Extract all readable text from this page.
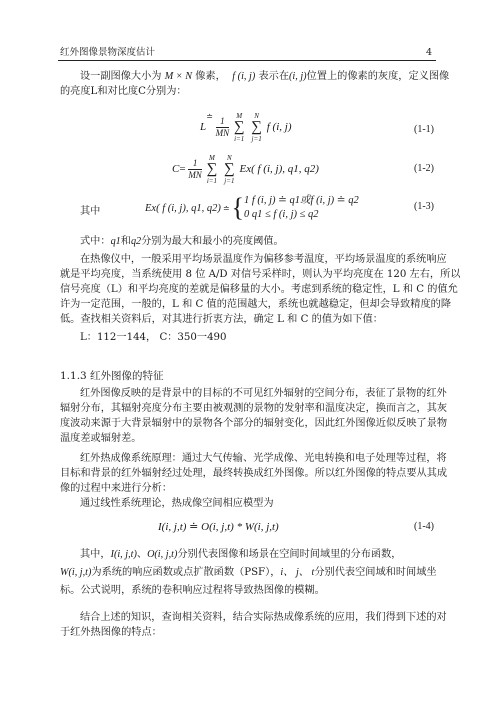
红外图像景物深度估计	4
设一副图像大小为 M × N 像素， f (i, j) 表示在(i, j)位置上的像素的灰度，定义图像
的亮度L和对比度C分别为：
$L^≐ \frac{1}{MN}$ M
∑
i=1 N
∑
j=1 f (i, j)	(1-1)
$C= \frac{1}{MN}$ M
∑
i=1 N
∑
j=1 Ex( f (i, j), q1, q2)	(1-2)
其中	Ex( f (i, j), q1, q2) ≐{ 1 f (i, j) ≐ q1或f (i, j) ≐ q2
0 q1 ≤ f (i, j) ≤ q2
(1-3)
式中：q1和q2分别为最大和最小的亮度阈值。
在热像仪中，一般采用平均场景温度作为偏移参考温度，平均场景温度的系统响应
就是平均亮度，当系统使用 8 位 A/D 对信号采样时，则认为平均亮度在 120 左右，所以
信号亮度（L）和平均亮度的差就是偏移量的大小。考虑到系统的稳定性，L 和 C 的值允
许为一定范围，一般的，L 和 C 值的范围越大，系统也就越稳定，但却会导致精度的降
低。查找相关资料后，对其进行折衷方法，确定 L 和 C 的值为如下值：
L：112一144， C：350一490
1.1.3 红外图像的特征
红外图像反映的是背景中的目标的不可见红外辐射的空间分布，表征了景物的红外
辐射分布，其辐射亮度分布主要由被观测的景物的发射率和温度决定，换而言之，其灰
度波动来源于大背景辐射中的景物各个部分的辐射变化，因此红外图像近似反映了景物
温度差或辐射差。
红外热成像系统原理：通过大气传输、光学成像、光电转换和电子处理等过程，将
目标和背景的红外辐射经过处理，最终转换成红外图像。所以红外图像的特点要从其成
像的过程中来进行分析：
通过线性系统理论，热成像空间相应模型为
I(i, j,t) ≐ O(i, j,t) * W(i, j,t)	(1-4)
其中，I(i, j,t)、O(i, j,t)分别代表图像和场景在空间时间域里的分布函数，
W(i, j,t)为系统的响应函数或点扩散函数（PSF），i、 j、 t分别代表空间域和时间域坐
标。公式说明，系统的卷积响应过程将导致热图像的模糊。
结合上述的知识，查询相关资料，结合实际热成像系统的应用，我们得到下述的对
于红外热图像的特点：
